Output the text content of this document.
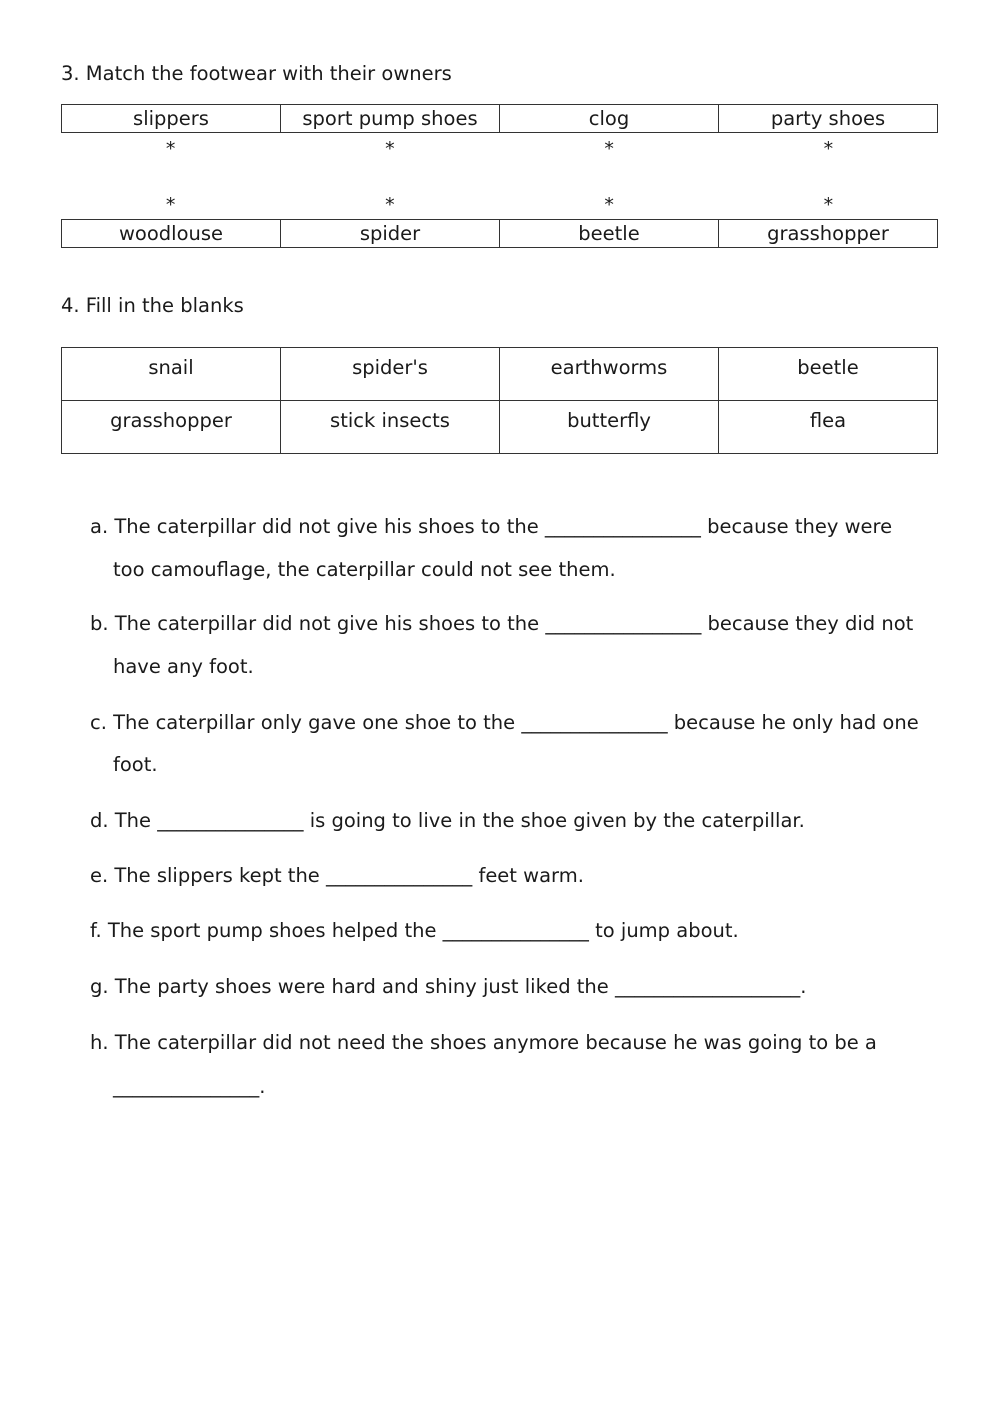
3. Match the footwear with their owners
slippers	sport pump shoes	clog	party shoes
*	*	*	*
*	*	*	*
woodlouse	spider	beetle	grasshopper
4. Fill in the blanks
snail	spider's	earthworms	beetle
grasshopper	stick insects	butterfly	flea
a. The caterpillar did not give his shoes to the ________________ because they were
too camouflage, the caterpillar could not see them.
b. The caterpillar did not give his shoes to the ________________ because they did not
have any foot.
c. The caterpillar only gave one shoe to the _______________ because he only had one
foot.
d. The _______________ is going to live in the shoe given by the caterpillar.
e. The slippers kept the _______________ feet warm.
f. The sport pump shoes helped the _______________ to jump about.
g. The party shoes were hard and shiny just liked the ___________________.
h. The caterpillar did not need the shoes anymore because he was going to be a
_______________.
